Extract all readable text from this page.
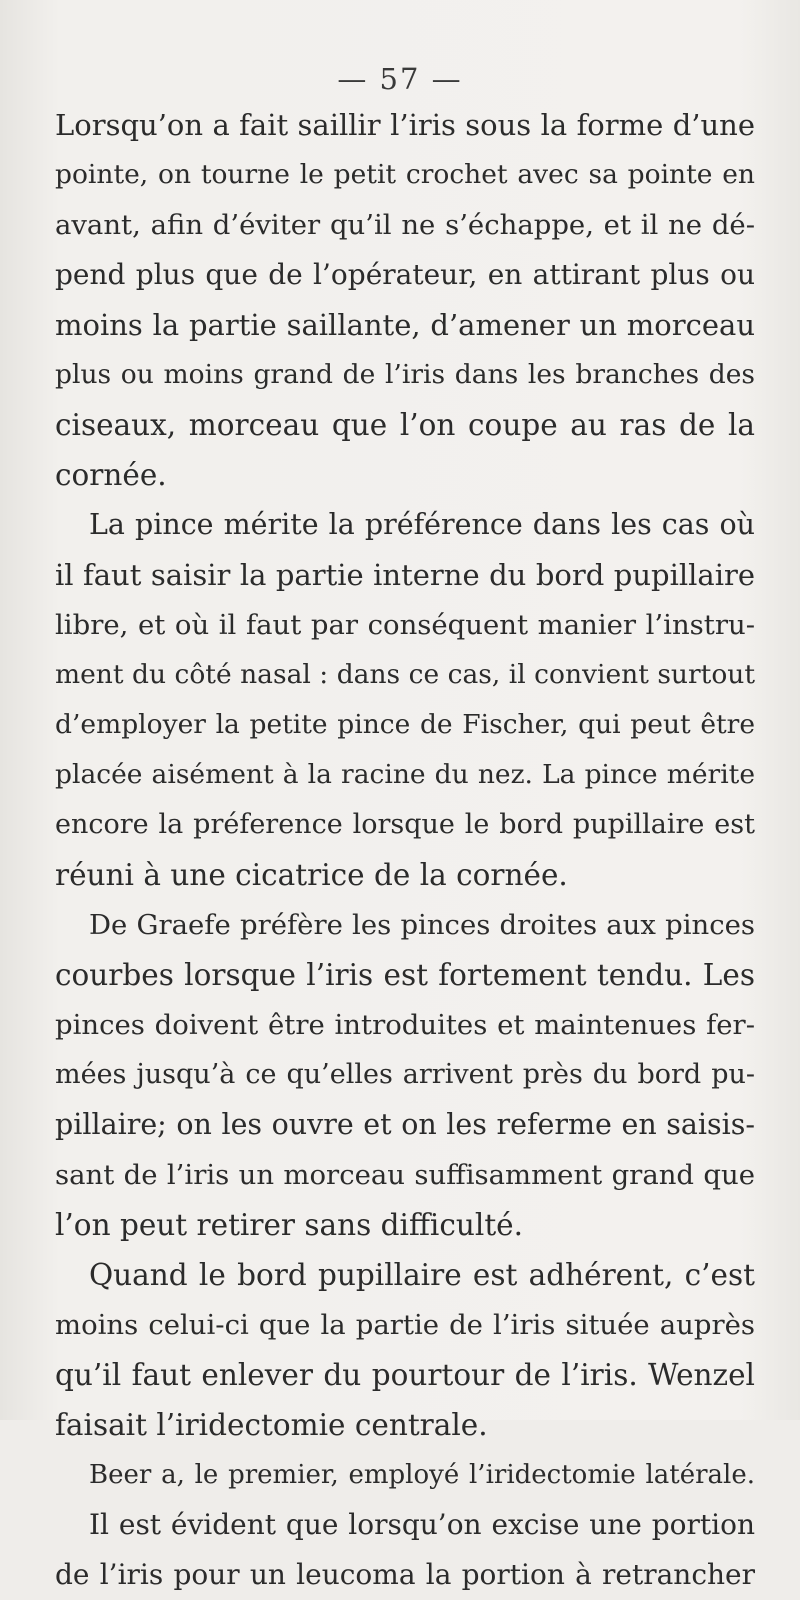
— 57 —
Lorsqu’on a fait saillir l’iris sous la forme d’une
pointe, on tourne le petit crochet avec sa pointe en
avant, afin d’éviter qu’il ne s’échappe, et il ne dé-
pend plus que de l’opérateur, en attirant plus ou
moins la partie saillante, d’amener un morceau
plus ou moins grand de l’iris dans les branches des
ciseaux, morceau que l’on coupe au ras de la
cornée.
La pince mérite la préférence dans les cas où
il faut saisir la partie interne du bord pupillaire
libre, et où il faut par conséquent manier l’instru-
ment du côté nasal : dans ce cas, il convient surtout
d’employer la petite pince de Fischer, qui peut être
placée aisément à la racine du nez. La pince mérite
encore la préference lorsque le bord pupillaire est
réuni à une cicatrice de la cornée.
De Graefe préfère les pinces droites aux pinces
courbes lorsque l’iris est fortement tendu. Les
pinces doivent être introduites et maintenues fer-
mées jusqu’à ce qu’elles arrivent près du bord pu-
pillaire; on les ouvre et on les referme en saisis-
sant de l’iris un morceau suffisamment grand que
l’on peut retirer sans difficulté.
Quand le bord pupillaire est adhérent, c’est
moins celui-ci que la partie de l’iris située auprès
qu’il faut enlever du pourtour de l’iris. Wenzel
faisait l’iridectomie centrale.
Beer a, le premier, employé l’iridectomie latérale.
Il est évident que lorsqu’on excise une portion
de l’iris pour un leucoma la portion à retrancher
